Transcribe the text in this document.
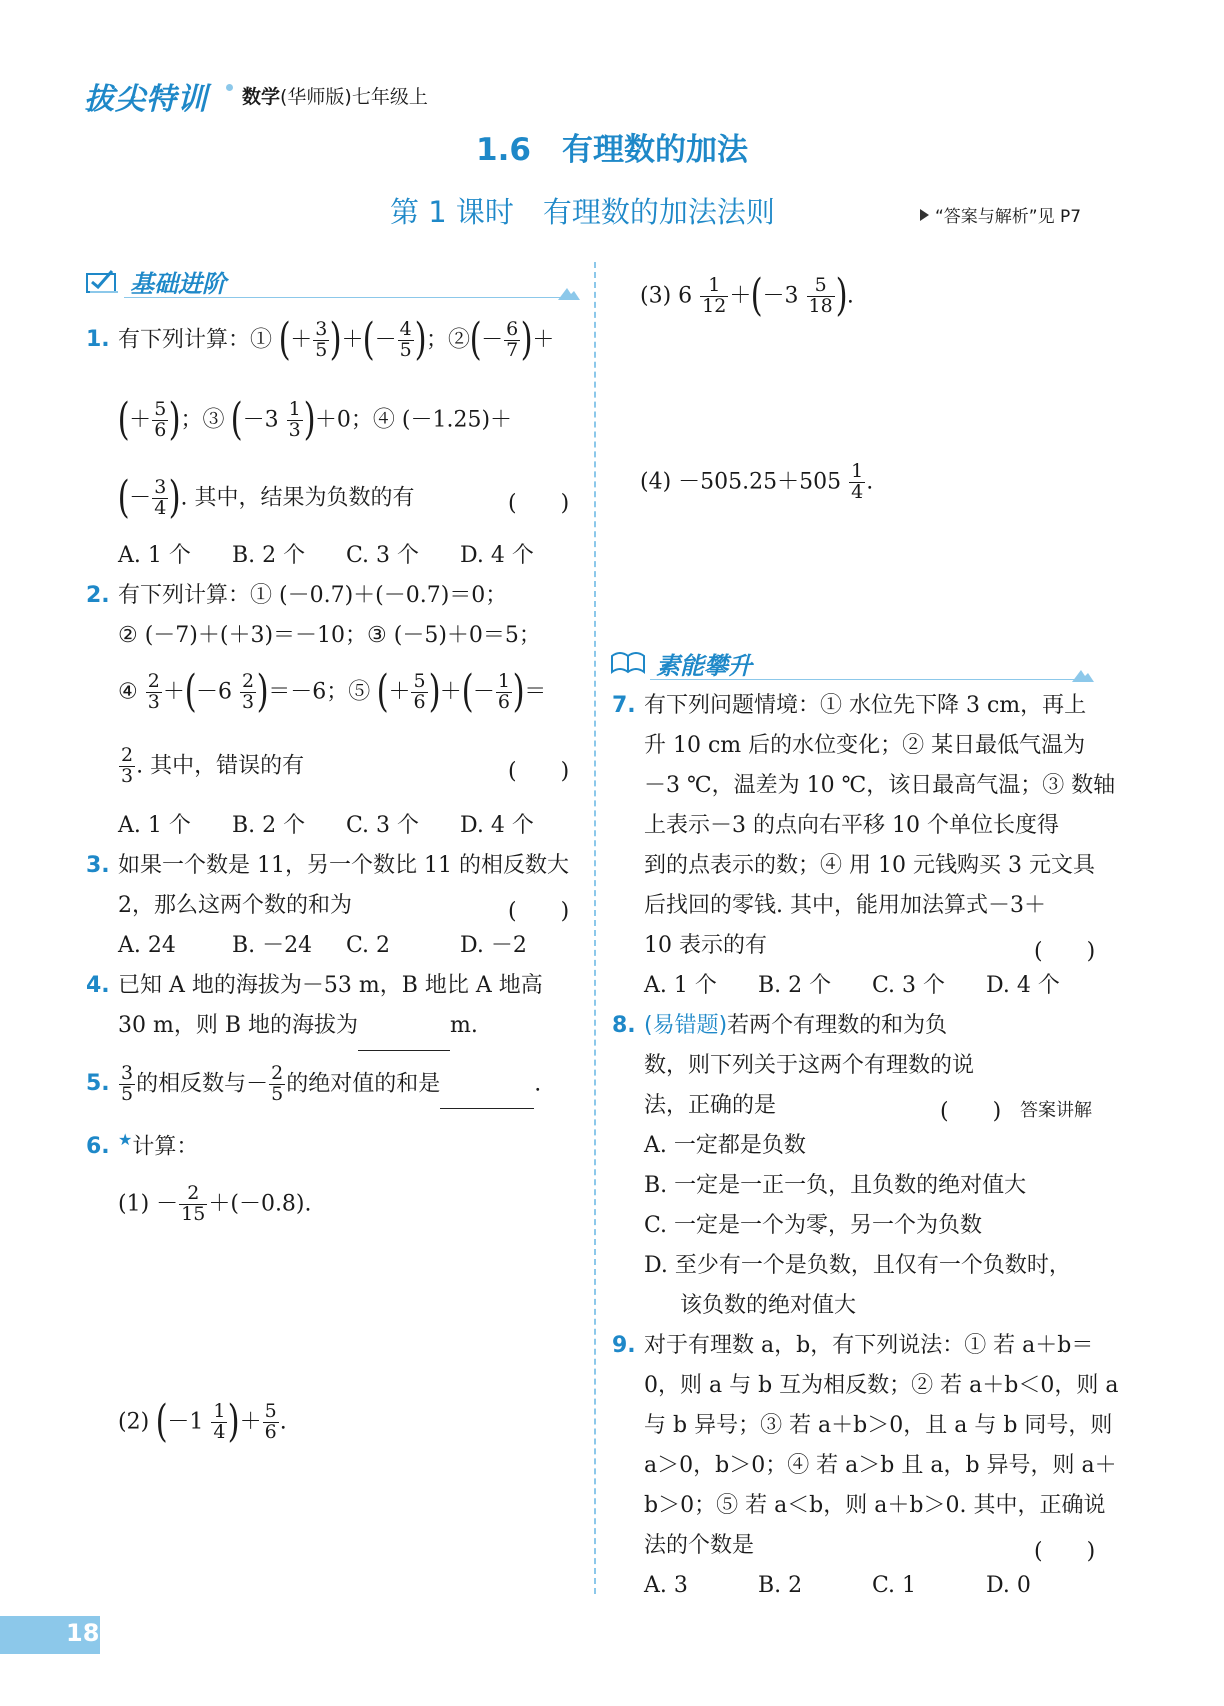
拔尖特训 数学(华师版)七年级上
1.6　有理数的加法
第 1 课时　有理数的加法法则	“答案与解析”见 P7
基础进阶
1. 有下列计算：① (＋ $\frac{3}{5}$ )＋(－ $\frac{4}{5}$ )；②(－ $\frac{6}{7}$ )＋
(＋ $\frac{5}{6}$ )；③ $(-3 \frac{1}{3} )+0$；④ (－1.25)＋
(－ $\frac{3}{4}$ ). 其中，结果为负数的有	(　　)
A. 1 个 B. 2 个 C. 3 个 D. 4 个
2. 有下列计算：① (－0.7)＋(－0.7)＝0；
② (－7)＋(＋3)＝－10；③ (－5)＋0＝5；
④ $\frac{2}{3} +(-6 \frac{2}{3} )=-6$；⑤ (＋ $\frac{5}{6}$ )＋(－ $\frac{1}{6}$ )＝
$\frac{2}{3}$ . 其中，错误的有	(　　)
A. 1 个 B. 2 个 C. 3 个 D. 4 个
3. 如果一个数是 11，另一个数比 11 的相反数大
2，那么这两个数的和为	(　　)
A. 24	B. －24 C. 2	D. －2
4. 已知 A 地的海拔为－53 m，B 地比 A 地高
30 m，则 B 地的海拔为	m.
5. $\frac{3}{5}$ 的相反数与－ $\frac{2}{5}$ 的绝对值的和是	.
6. ★计算：
$(1) - \frac{2}{15} +(-0.8)$.
(2) ($-1 \frac{1}{4}$ )＋ $\frac{5}{6}$ .
(3) $6 \frac{1}{12} +(-3 \frac{5}{18}$ ).
$(4) -505.25+505 \frac{1}{4}$ .
素能攀升
7. 有下列问题情境：① 水位先下降 3 cm，再上
升 10 cm 后的水位变化；② 某日最低气温为
－3 ℃，温差为 10 ℃，该日最高气温；③ 数轴
上表示－3 的点向右平移 10 个单位长度得
到的点表示的数；④ 用 10 元钱购买 3 元文具
后找回的零钱. 其中，能用加法算式－3＋
10 表示的有	(　　)
A. 1 个 B. 2 个 C. 3 个 D. 4 个
8. (易错题)若两个有理数的和为负
数，则下列关于这两个有理数的说
法，正确的是	(　　) 答案讲解
A. 一定都是负数
B. 一定是一正一负，且负数的绝对值大
C. 一定是一个为零，另一个为负数
D. 至少有一个是负数，且仅有一个负数时，
该负数的绝对值大
9. 对于有理数 a，b，有下列说法：① 若 a＋b＝
0，则 a 与 b 互为相反数；② 若 a＋b＜0，则 a
与 b 异号；③ 若 a＋b＞0，且 a 与 b 同号，则
a＞0，b＞0；④ 若 a＞b 且 a，b 异号，则 a＋
b＞0；⑤ 若 a＜b，则 a＋b＞0. 其中，正确说
法的个数是	(　　)
A. 3	B. 2	C. 1	D. 0
18
